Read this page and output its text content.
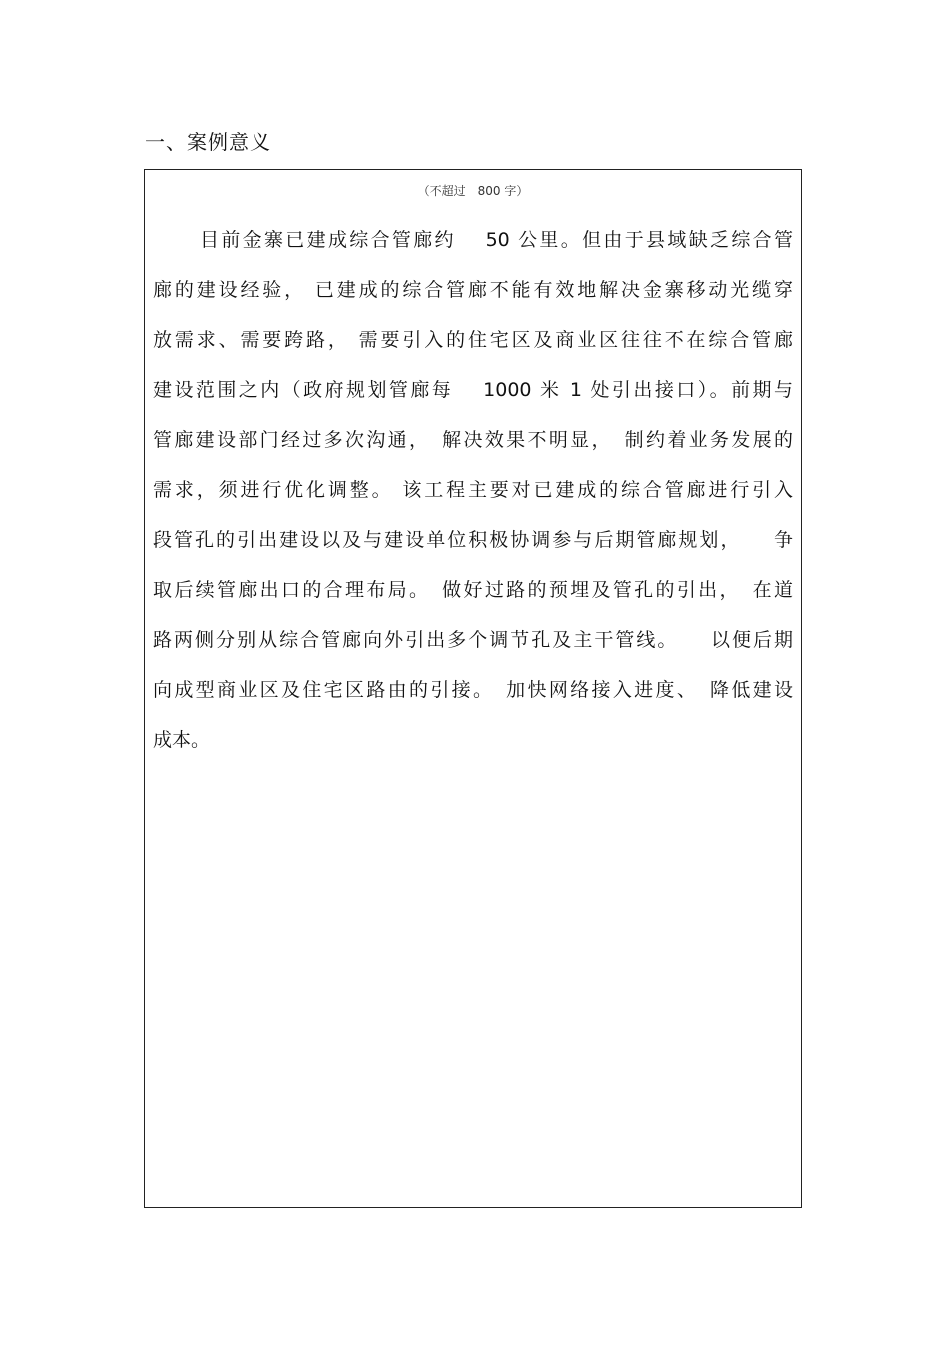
一、案例意义
（不超过　800 字）
目前金寨已建成综合管廊约　 50 公里。但由于县域缺乏综合管
廊的建设经验， 已建成的综合管廊不能有效地解决金寨移动光缆穿
放需求、需要跨路， 需要引入的住宅区及商业区往往不在综合管廊
建设范围之内（政府规划管廊每　 1000 米 1 处引出接口）。前期与
管廊建设部门经过多次沟通，　解决效果不明显，　制约着业务发展的
需求，须进行优化调整。 该工程主要对已建成的综合管廊进行引入
段管孔的引出建设以及与建设单位积极协调参与后期管廊规划，　　争
取后续管廊出口的合理布局。　做好过路的预埋及管孔的引出，　在道
路两侧分别从综合管廊向外引出多个调节孔及主干管线。　　以便后期
向成型商业区及住宅区路由的引接。　加快网络接入进度、　降低建设
成本。
